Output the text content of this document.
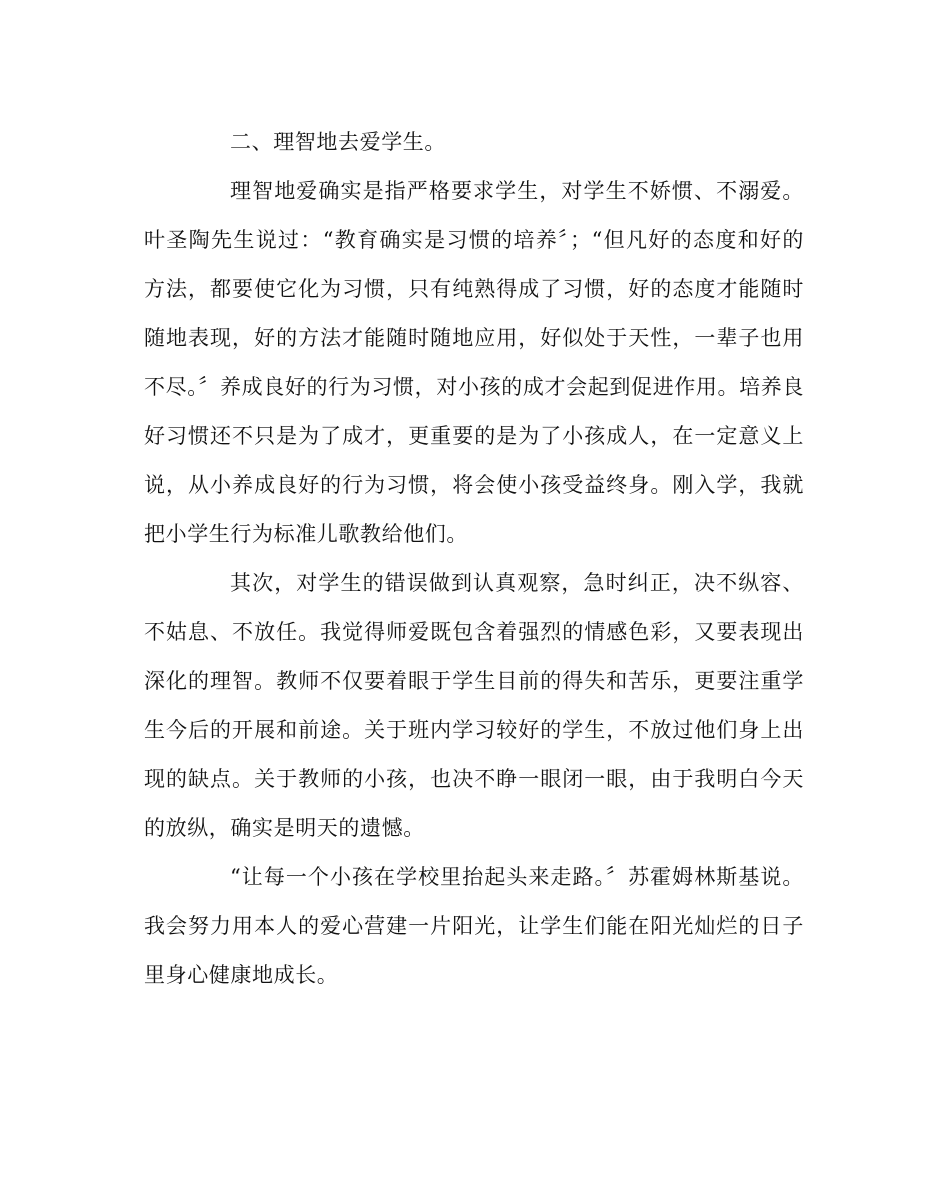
二、理智地去爱学生。

理智地爱确实是指严格要求学生，对学生不娇惯、不溺爱。叶圣陶先生说过：“教育确实是习惯的培养〞；“但凡好的态度和好的方法，都要使它化为习惯，只有纯熟得成了习惯，好的态度才能随时随地表现，好的方法才能随时随地应用，好似处于天性，一辈子也用不尽。〞养成良好的行为习惯，对小孩的成才会起到促进作用。培养良好习惯还不只是为了成才，更重要的是为了小孩成人，在一定意义上说，从小养成良好的行为习惯，将会使小孩受益终身。刚入学，我就把小学生行为标准儿歌教给他们。

其次，对学生的错误做到认真观察，急时纠正，决不纵容、不姑息、不放任。我觉得师爱既包含着强烈的情感色彩，又要表现出深化的理智。教师不仅要着眼于学生目前的得失和苦乐，更要注重学生今后的开展和前途。关于班内学习较好的学生，不放过他们身上出现的缺点。关于教师的小孩，也决不睁一眼闭一眼，由于我明白今天的放纵，确实是明天的遗憾。

“让每一个小孩在学校里抬起头来走路。〞苏霍姆林斯基说。我会努力用本人的爱心营建一片阳光，让学生们能在阳光灿烂的日子里身心健康地成长。
